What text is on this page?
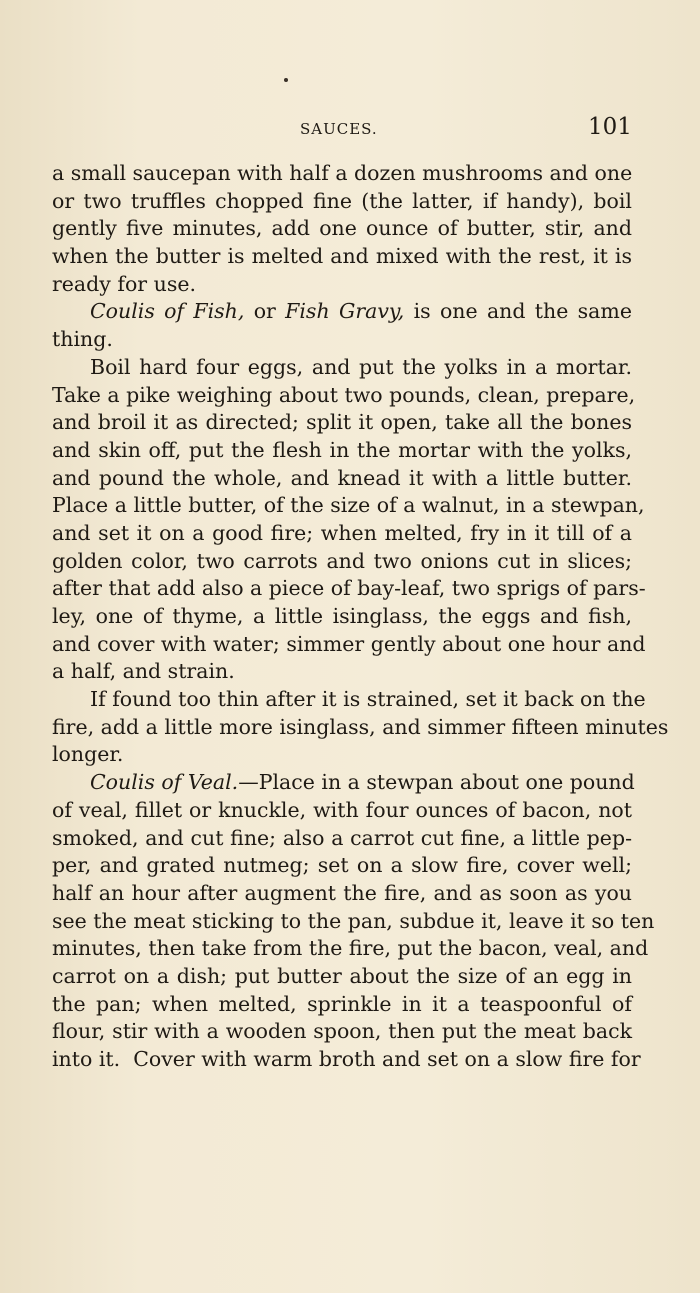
SAUCES.	101
a small saucepan with half a dozen mushrooms and one
or two truffles chopped fine (the latter, if handy), boil
gently five minutes, add one ounce of butter, stir, and
when the butter is melted and mixed with the rest, it is
ready for use.
Coulis of Fish, or Fish Gravy, is one and the same
thing.
Boil hard four eggs, and put the yolks in a mortar.
Take a pike weighing about two pounds, clean, prepare,
and broil it as directed; split it open, take all the bones
and skin off, put the flesh in the mortar with the yolks,
and pound the whole, and knead it with a little butter.
Place a little butter, of the size of a walnut, in a stewpan,
and set it on a good fire; when melted, fry in it till of a
golden color, two carrots and two onions cut in slices;
after that add also a piece of bay-leaf, two sprigs of pars-
ley, one of thyme, a little isinglass, the eggs and fish,
and cover with water; simmer gently about one hour and
a half, and strain.
If found too thin after it is strained, set it back on the
fire, add a little more isinglass, and simmer fifteen minutes
longer.
Coulis of Veal.—Place in a stewpan about one pound
of veal, fillet or knuckle, with four ounces of bacon, not
smoked, and cut fine; also a carrot cut fine, a little pep-
per, and grated nutmeg; set on a slow fire, cover well;
half an hour after augment the fire, and as soon as you
see the meat sticking to the pan, subdue it, leave it so ten
minutes, then take from the fire, put the bacon, veal, and
carrot on a dish; put butter about the size of an egg in
the pan; when melted, sprinkle in it a teaspoonful of
flour, stir with a wooden spoon, then put the meat back
into it.  Cover with warm broth and set on a slow fire for
